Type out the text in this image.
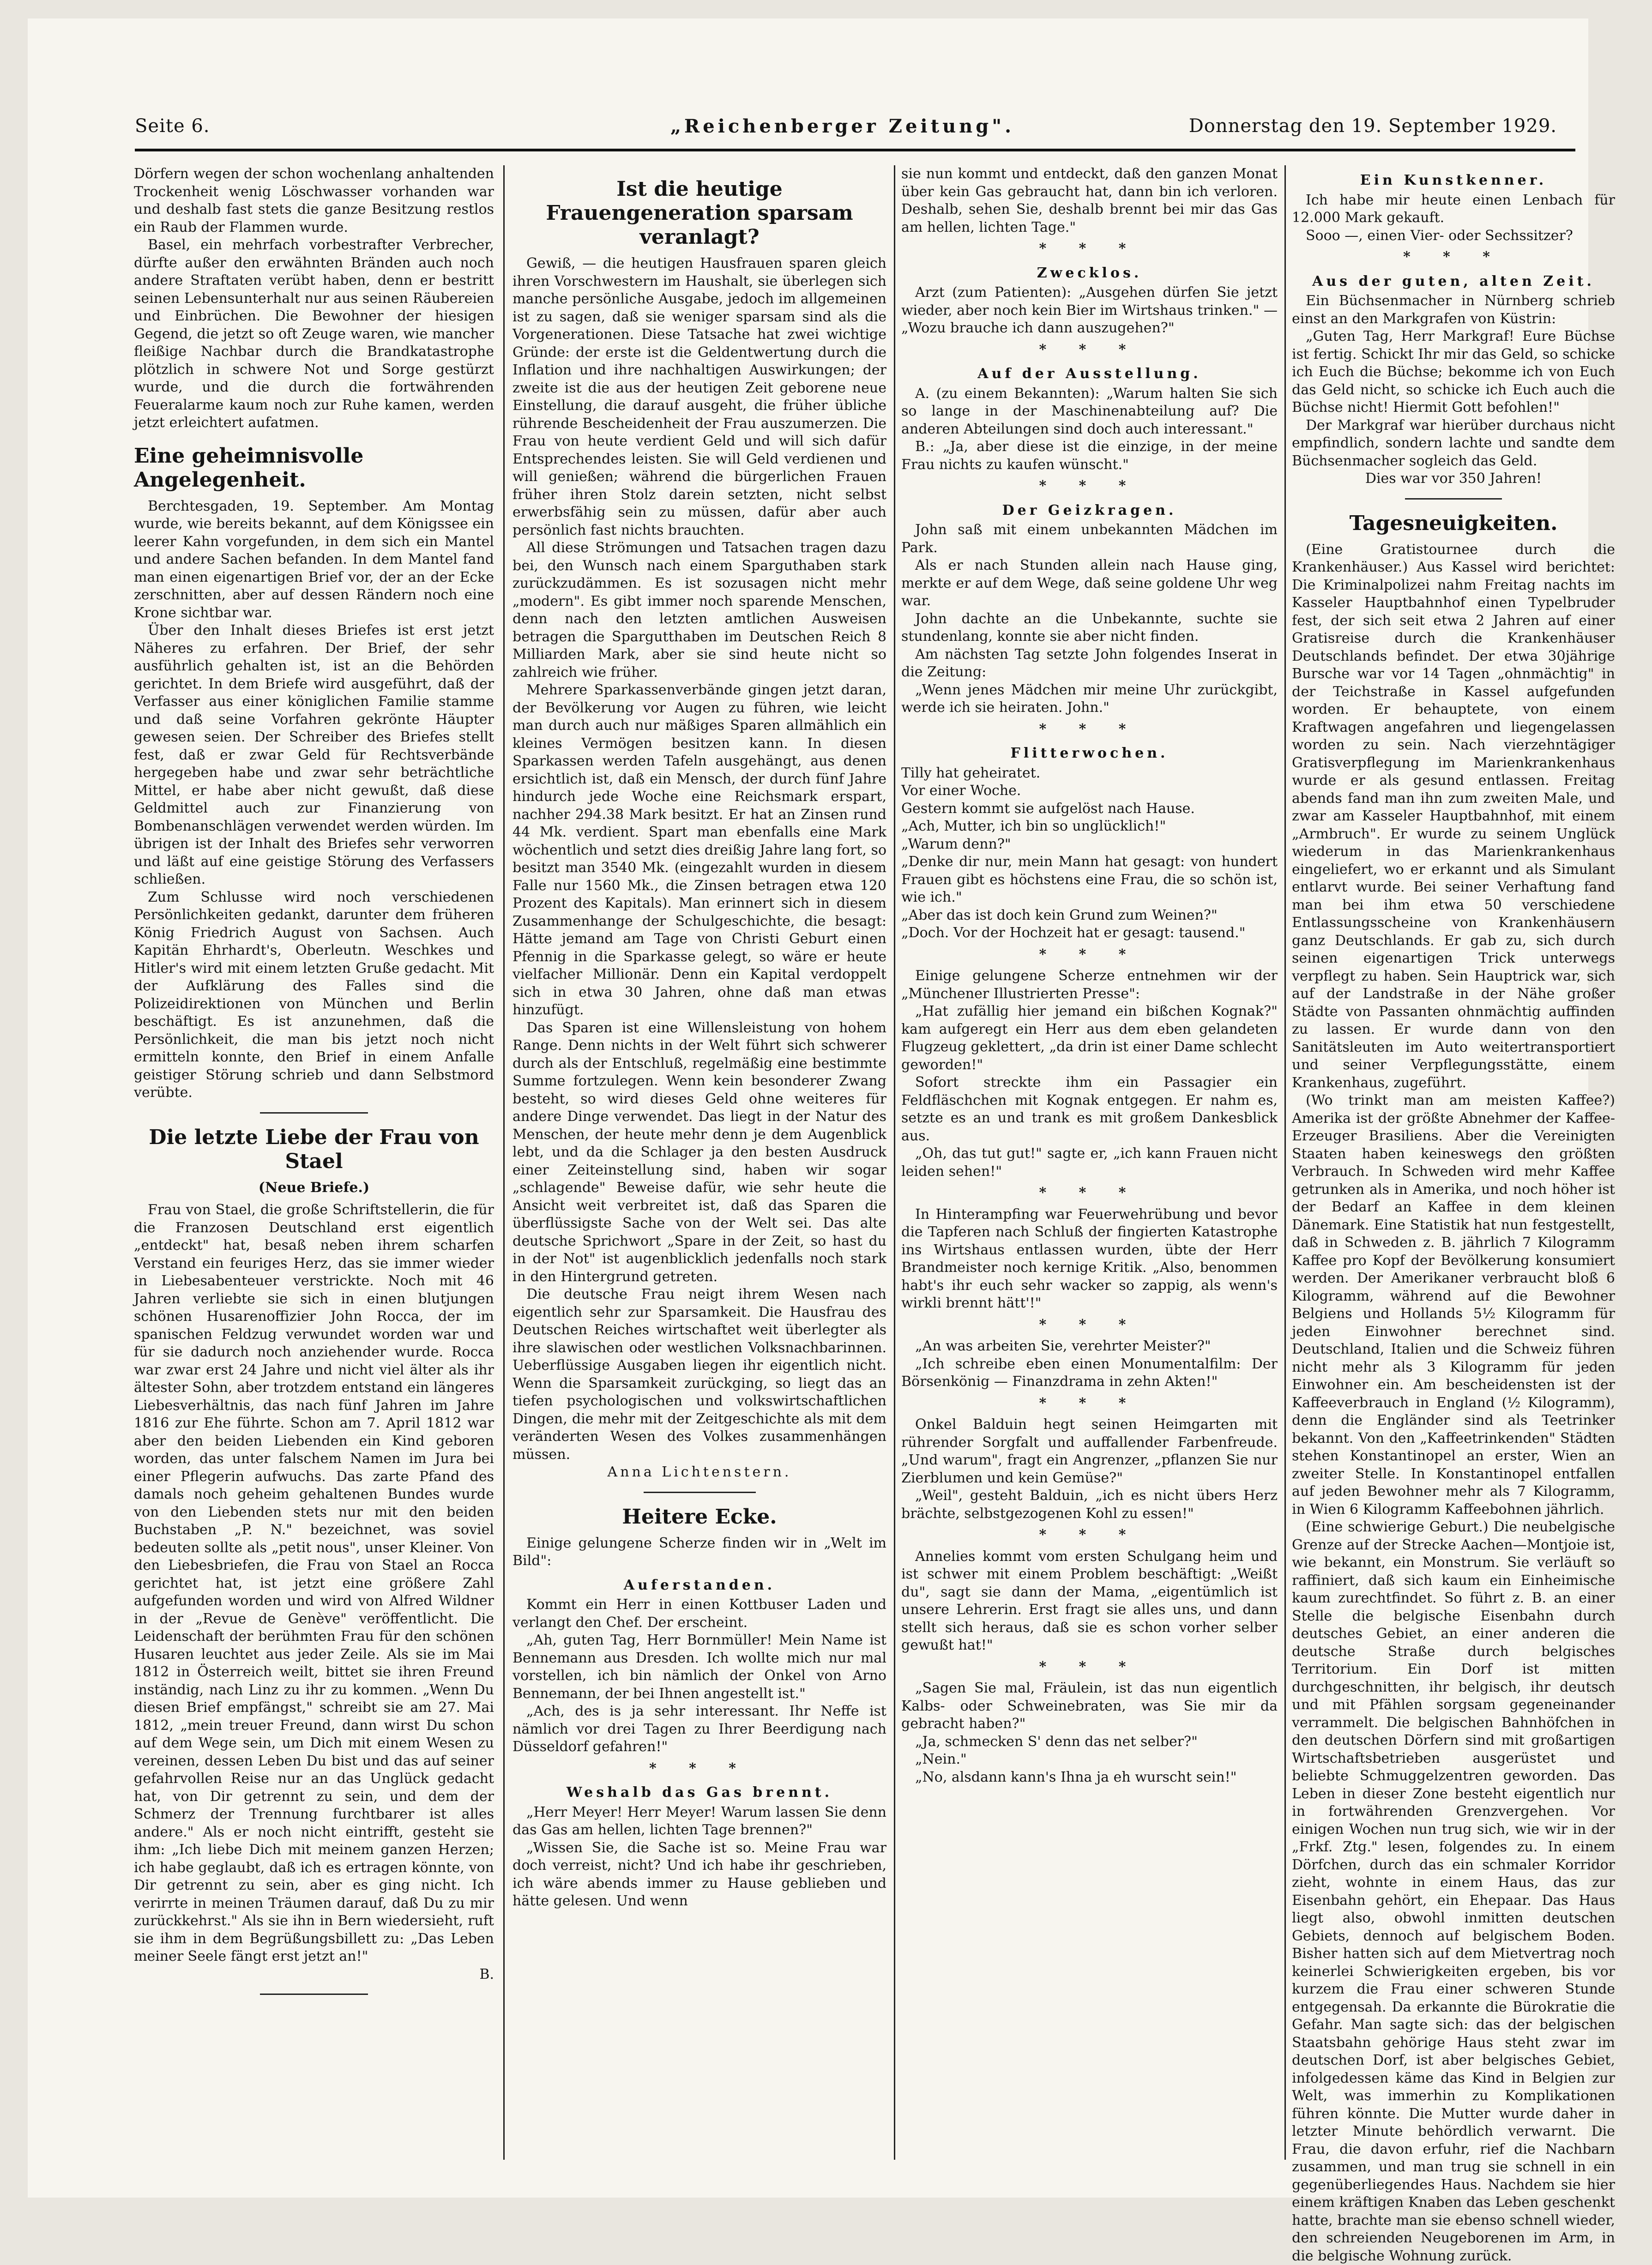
Seite 6.	„Reichenberger Zeitung".	Donnerstag den 19. September 1929.

Dörfern wegen der schon wochenlang anhaltenden Trockenheit wenig Löschwasser vorhanden war und deshalb fast stets die ganze Besitzung restlos ein Raub der Flammen wurde.

Basel, ein mehrfach vorbestrafter Verbrecher, dürfte außer den erwähnten Bränden auch noch andere Straftaten verübt haben, denn er bestritt seinen Lebensunterhalt nur aus seinen Räubereien und Einbrüchen. Die Bewohner der hiesigen Gegend, die jetzt so oft Zeuge waren, wie mancher fleißige Nachbar durch die Brandkatastrophe plötzlich in schwere Not und Sorge gestürzt wurde, und die durch die fortwährenden Feueralarme kaum noch zur Ruhe kamen, werden jetzt erleichtert aufatmen.

Eine geheimnisvolle Angelegenheit.

Berchtesgaden, 19. September. Am Montag wurde, wie bereits bekannt, auf dem Königssee ein leerer Kahn vorgefunden, in dem sich ein Mantel und andere Sachen befanden. In dem Mantel fand man einen eigenartigen Brief vor, der an der Ecke zerschnitten, aber auf dessen Rändern noch eine Krone sichtbar war.

Über den Inhalt dieses Briefes ist erst jetzt Näheres zu erfahren. Der Brief, der sehr ausführlich gehalten ist, ist an die Behörden gerichtet. In dem Briefe wird ausgeführt, daß der Verfasser aus einer königlichen Familie stamme und daß seine Vorfahren gekrönte Häupter gewesen seien. Der Schreiber des Briefes stellt fest, daß er zwar Geld für Rechtsverbände hergegeben habe und zwar sehr beträchtliche Mittel, er habe aber nicht gewußt, daß diese Geldmittel auch zur Finanzierung von Bombenanschlägen verwendet werden würden. Im übrigen ist der Inhalt des Briefes sehr verworren und läßt auf eine geistige Störung des Verfassers schließen.

Zum Schlusse wird noch verschiedenen Persönlichkeiten gedankt, darunter dem früheren König Friedrich August von Sachsen. Auch Kapitän Ehrhardt's, Oberleutn. Weschkes und Hitler's wird mit einem letzten Gruße gedacht. Mit der Aufklärung des Falles sind die Polizeidirektionen von München und Berlin beschäftigt. Es ist anzunehmen, daß die Persönlichkeit, die man bis jetzt noch nicht ermitteln konnte, den Brief in einem Anfalle geistiger Störung schrieb und dann Selbstmord verübte.

Die letzte Liebe der Frau von Stael
(Neue Briefe.)

Frau von Stael, die große Schriftstellerin, die für die Franzosen Deutschland erst eigentlich „entdeckt" hat, besaß neben ihrem scharfen Verstand ein feuriges Herz, das sie immer wieder in Liebesabenteuer verstrickte. Noch mit 46 Jahren verliebte sie sich in einen blutjungen schönen Husarenoffizier John Rocca, der im spanischen Feldzug verwundet worden war und für sie dadurch noch anziehender wurde. Rocca war zwar erst 24 Jahre und nicht viel älter als ihr ältester Sohn, aber trotzdem entstand ein längeres Liebesverhältnis, das nach fünf Jahren im Jahre 1816 zur Ehe führte. Schon am 7. April 1812 war aber den beiden Liebenden ein Kind geboren worden, das unter falschem Namen im Jura bei einer Pflegerin aufwuchs. Das zarte Pfand des damals noch geheim gehaltenen Bundes wurde von den Liebenden stets nur mit den beiden Buchstaben „P. N." bezeichnet, was soviel bedeuten sollte als „petit nous", unser Kleiner. Von den Liebesbriefen, die Frau von Stael an Rocca gerichtet hat, ist jetzt eine größere Zahl aufgefunden worden und wird von Alfred Wildner in der „Revue de Genève" veröffentlicht. Die Leidenschaft der berühmten Frau für den schönen Husaren leuchtet aus jeder Zeile. Als sie im Mai 1812 in Österreich weilt, bittet sie ihren Freund inständig, nach Linz zu ihr zu kommen. „Wenn Du diesen Brief empfängst," schreibt sie am 27. Mai 1812, „mein treuer Freund, dann wirst Du schon auf dem Wege sein, um Dich mit einem Wesen zu vereinen, dessen Leben Du bist und das auf seiner gefahrvollen Reise nur an das Unglück gedacht hat, von Dir getrennt zu sein, und dem der Schmerz der Trennung furchtbarer ist alles andere." Als er noch nicht eintrifft, gesteht sie ihm: „Ich liebe Dich mit meinem ganzen Herzen; ich habe geglaubt, daß ich es ertragen könnte, von Dir getrennt zu sein, aber es ging nicht. Ich verirrte in meinen Träumen darauf, daß Du zu mir zurückkehrst." Als sie ihn in Bern wiedersieht, ruft sie ihm in dem Begrüßungsbillett zu: „Das Leben meiner Seele fängt erst jetzt an!"

B.

Ist die heutige Frauengeneration sparsam veranlagt?

Gewiß, — die heutigen Hausfrauen sparen gleich ihren Vorschwestern im Haushalt, sie überlegen sich manche persönliche Ausgabe, jedoch im allgemeinen ist zu sagen, daß sie weniger sparsam sind als die Vorgenerationen. Diese Tatsache hat zwei wichtige Gründe: der erste ist die Geldentwertung durch die Inflation und ihre nachhaltigen Auswirkungen; der zweite ist die aus der heutigen Zeit geborene neue Einstellung, die darauf ausgeht, die früher übliche rührende Bescheidenheit der Frau auszumerzen. Die Frau von heute verdient Geld und will sich dafür Entsprechendes leisten. Sie will Geld verdienen und will genießen; während die bürgerlichen Frauen früher ihren Stolz darein setzten, nicht selbst erwerbsfähig sein zu müssen, dafür aber auch persönlich fast nichts brauchten.

All diese Strömungen und Tatsachen tragen dazu bei, den Wunsch nach einem Sparguthaben stark zurückzudämmen. Es ist sozusagen nicht mehr „modern". Es gibt immer noch sparende Menschen, denn nach den letzten amtlichen Ausweisen betragen die Spargutthaben im Deutschen Reich 8 Milliarden Mark, aber sie sind heute nicht so zahlreich wie früher.

Mehrere Sparkassenverbände gingen jetzt daran, der Bevölkerung vor Augen zu führen, wie leicht man durch auch nur mäßiges Sparen allmählich ein kleines Vermögen besitzen kann. In diesen Sparkassen werden Tafeln ausgehängt, aus denen ersichtlich ist, daß ein Mensch, der durch fünf Jahre hindurch jede Woche eine Reichsmark erspart, nachher 294.38 Mark besitzt. Er hat an Zinsen rund 44 Mk. verdient. Spart man ebenfalls eine Mark wöchentlich und setzt dies dreißig Jahre lang fort, so besitzt man 3540 Mk. (eingezahlt wurden in diesem Falle nur 1560 Mk., die Zinsen betragen etwa 120 Prozent des Kapitals). Man erinnert sich in diesem Zusammenhange der Schulgeschichte, die besagt: Hätte jemand am Tage von Christi Geburt einen Pfennig in die Sparkasse gelegt, so wäre er heute vielfacher Millionär. Denn ein Kapital verdoppelt sich in etwa 30 Jahren, ohne daß man etwas hinzufügt.

Das Sparen ist eine Willensleistung von hohem Range. Denn nichts in der Welt führt sich schwerer durch als der Entschluß, regelmäßig eine bestimmte Summe fortzulegen. Wenn kein besonderer Zwang besteht, so wird dieses Geld ohne weiteres für andere Dinge verwendet. Das liegt in der Natur des Menschen, der heute mehr denn je dem Augenblick lebt, und da die Schlager ja den besten Ausdruck einer Zeiteinstellung sind, haben wir sogar „schlagende" Beweise dafür, wie sehr heute die Ansicht weit verbreitet ist, daß das Sparen die überflüssigste Sache von der Welt sei. Das alte deutsche Sprichwort „Spare in der Zeit, so hast du in der Not" ist augenblicklich jedenfalls noch stark in den Hintergrund getreten.

Die deutsche Frau neigt ihrem Wesen nach eigentlich sehr zur Sparsamkeit. Die Hausfrau des Deutschen Reiches wirtschaftet weit überlegter als ihre slawischen oder westlichen Volksnachbarinnen. Ueberflüssige Ausgaben liegen ihr eigentlich nicht. Wenn die Sparsamkeit zurückging, so liegt das an tiefen psychologischen und volkswirtschaftlichen Dingen, die mehr mit der Zeitgeschichte als mit dem veränderten Wesen des Volkes zusammenhängen müssen.

Anna Lichtenstern.

Heitere Ecke.

Einige gelungene Scherze finden wir in „Welt im Bild":

Auferstanden.

Kommt ein Herr in einen Kottbuser Laden und verlangt den Chef. Der erscheint.

„Ah, guten Tag, Herr Bornmüller! Mein Name ist Bennemann aus Dresden. Ich wollte mich nur mal vorstellen, ich bin nämlich der Onkel von Arno Bennemann, der bei Ihnen angestellt ist."

„Ach, des is ja sehr interessant. Ihr Neffe ist nämlich vor drei Tagen zu Ihrer Beerdigung nach Düsseldorf gefahren!"

* * *
Weshalb das Gas brennt.

„Herr Meyer! Herr Meyer! Warum lassen Sie denn das Gas am hellen, lichten Tage brennen?"

„Wissen Sie, die Sache ist so. Meine Frau war doch verreist, nicht? Und ich habe ihr geschrieben, ich wäre abends immer zu Hause geblieben und hätte gelesen. Und wenn

sie nun kommt und entdeckt, daß den ganzen Monat über kein Gas gebraucht hat, dann bin ich verloren. Deshalb, sehen Sie, deshalb brennt bei mir das Gas am hellen, lichten Tage."

* * *
Zwecklos.

Arzt (zum Patienten): „Ausgehen dürfen Sie jetzt wieder, aber noch kein Bier im Wirtshaus trinken." — „Wozu brauche ich dann auszugehen?"

* * *
Auf der Ausstellung.

A. (zu einem Bekannten): „Warum halten Sie sich so lange in der Maschinenabteilung auf? Die anderen Abteilungen sind doch auch interessant."

B.: „Ja, aber diese ist die einzige, in der meine Frau nichts zu kaufen wünscht."

* * *
Der Geizkragen.

John saß mit einem unbekannten Mädchen im Park.

Als er nach Stunden allein nach Hause ging, merkte er auf dem Wege, daß seine goldene Uhr weg war.

John dachte an die Unbekannte, suchte sie stundenlang, konnte sie aber nicht finden.

Am nächsten Tag setzte John folgendes Inserat in die Zeitung:

„Wenn jenes Mädchen mir meine Uhr zurückgibt, werde ich sie heiraten. John."

* * *
Flitterwochen.

Tilly hat geheiratet.

Vor einer Woche.

Gestern kommt sie aufgelöst nach Hause.

„Ach, Mutter, ich bin so unglücklich!"

„Warum denn?"

„Denke dir nur, mein Mann hat gesagt: von hundert Frauen gibt es höchstens eine Frau, die so schön ist, wie ich."

„Aber das ist doch kein Grund zum Weinen?"

„Doch. Vor der Hochzeit hat er gesagt: tausend."

* * *

Einige gelungene Scherze entnehmen wir der „Münchener Illustrierten Presse":

„Hat zufällig hier jemand ein bißchen Kognak?" kam aufgeregt ein Herr aus dem eben gelandeten Flugzeug geklettert, „da drin ist einer Dame schlecht geworden!"

Sofort streckte ihm ein Passagier ein Feldfläschchen mit Kognak entgegen. Er nahm es, setzte es an und trank es mit großem Dankesblick aus.

„Oh, das tut gut!" sagte er, „ich kann Frauen nicht leiden sehen!"

* * *

In Hinterampfing war Feuerwehrübung und bevor die Tapferen nach Schluß der fingierten Katastrophe ins Wirtshaus entlassen wurden, übte der Herr Brandmeister noch kernige Kritik. „Also, benommen habt's ihr euch sehr wacker so zappig, als wenn's wirkli brennt hätt'!"

* * *

„An was arbeiten Sie, verehrter Meister?"

„Ich schreibe eben einen Monumentalfilm: Der Börsenkönig — Finanzdrama in zehn Akten!"

* * *

Onkel Balduin hegt seinen Heimgarten mit rührender Sorgfalt und auffallender Farbenfreude. „Und warum", fragt ein Angrenzer, „pflanzen Sie nur Zierblumen und kein Gemüse?"

„Weil", gesteht Balduin, „ich es nicht übers Herz brächte, selbstgezogenen Kohl zu essen!"

* * *

Annelies kommt vom ersten Schulgang heim und ist schwer mit einem Problem beschäftigt: „Weißt du", sagt sie dann der Mama, „eigentümlich ist unsere Lehrerin. Erst fragt sie alles uns, und dann stellt sich heraus, daß sie es schon vorher selber gewußt hat!"

* * *

„Sagen Sie mal, Fräulein, ist das nun eigentlich Kalbs- oder Schweinebraten, was Sie mir da gebracht haben?"

„Ja, schmecken S' denn das net selber?"

„Nein."

„No, alsdann kann's Ihna ja eh wurscht sein!"

Ein Kunstkenner.

Ich habe mir heute einen Lenbach für 12.000 Mark gekauft.

Sooo —, einen Vier- oder Sechssitzer?

* * *
Aus der guten, alten Zeit.

Ein Büchsenmacher in Nürnberg schrieb einst an den Markgrafen von Küstrin:

„Guten Tag, Herr Markgraf! Eure Büchse ist fertig. Schickt Ihr mir das Geld, so schicke ich Euch die Büchse; bekomme ich von Euch das Geld nicht, so schicke ich Euch auch die Büchse nicht! Hiermit Gott befohlen!"

Der Markgraf war hierüber durchaus nicht empfindlich, sondern lachte und sandte dem Büchsenmacher sogleich das Geld.

Dies war vor 350 Jahren!

Tagesneuigkeiten.

(Eine Gratistournee durch die Krankenhäuser.) Aus Kassel wird berichtet: Die Kriminalpolizei nahm Freitag nachts im Kasseler Hauptbahnhof einen Typelbruder fest, der sich seit etwa 2 Jahren auf einer Gratisreise durch die Krankenhäuser Deutschlands befindet. Der etwa 30jährige Bursche war vor 14 Tagen „ohnmächtig" in der Teichstraße in Kassel aufgefunden worden. Er behauptete, von einem Kraftwagen angefahren und liegengelassen worden zu sein. Nach vierzehntägiger Gratisverpflegung im Marienkrankenhaus wurde er als gesund entlassen. Freitag abends fand man ihn zum zweiten Male, und zwar am Kasseler Hauptbahnhof, mit einem „Armbruch". Er wurde zu seinem Unglück wiederum in das Marienkrankenhaus eingeliefert, wo er erkannt und als Simulant entlarvt wurde. Bei seiner Verhaftung fand man bei ihm etwa 50 verschiedene Entlassungsscheine von Krankenhäusern ganz Deutschlands. Er gab zu, sich durch seinen eigenartigen Trick unterwegs verpflegt zu haben. Sein Hauptrick war, sich auf der Landstraße in der Nähe großer Städte von Passanten ohnmächtig auffinden zu lassen. Er wurde dann von den Sanitätsleuten im Auto weitertransportiert und seiner Verpflegungsstätte, einem Krankenhaus, zugeführt.

(Wo trinkt man am meisten Kaffee?) Amerika ist der größte Abnehmer der Kaffee-Erzeuger Brasiliens. Aber die Vereinigten Staaten haben keineswegs den größten Verbrauch. In Schweden wird mehr Kaffee getrunken als in Amerika, und noch höher ist der Bedarf an Kaffee in dem kleinen Dänemark. Eine Statistik hat nun festgestellt, daß in Schweden z. B. jährlich 7 Kilogramm Kaffee pro Kopf der Bevölkerung konsumiert werden. Der Amerikaner verbraucht bloß 6 Kilogramm, während auf die Bewohner Belgiens und Hollands 5½ Kilogramm für jeden Einwohner berechnet sind. Deutschland, Italien und die Schweiz führen nicht mehr als 3 Kilogramm für jeden Einwohner ein. Am bescheidensten ist der Kaffeeverbrauch in England (½ Kilogramm), denn die Engländer sind als Teetrinker bekannt. Von den „Kaffeetrinkenden" Städten stehen Konstantinopel an erster, Wien an zweiter Stelle. In Konstantinopel entfallen auf jeden Bewohner mehr als 7 Kilogramm, in Wien 6 Kilogramm Kaffeebohnen jährlich.

(Eine schwierige Geburt.) Die neubelgische Grenze auf der Strecke Aachen—Montjoie ist, wie bekannt, ein Monstrum. Sie verläuft so raffiniert, daß sich kaum ein Einheimische kaum zurechtfindet. So führt z. B. an einer Stelle die belgische Eisenbahn durch deutsches Gebiet, an einer anderen die deutsche Straße durch belgisches Territorium. Ein Dorf ist mitten durchgeschnitten, ihr belgisch, ihr deutsch und mit Pfählen sorgsam gegeneinander verrammelt. Die belgischen Bahnhöfchen in den deutschen Dörfern sind mit großartigen Wirtschaftsbetrieben ausgerüstet und beliebte Schmuggelzentren geworden. Das Leben in dieser Zone besteht eigentlich nur in fortwährenden Grenzvergehen. Vor einigen Wochen nun trug sich, wie wir in der „Frkf. Ztg." lesen, folgendes zu. In einem Dörfchen, durch das ein schmaler Korridor zieht, wohnte in einem Haus, das zur Eisenbahn gehört, ein Ehepaar. Das Haus liegt also, obwohl inmitten deutschen Gebiets, dennoch auf belgischem Boden. Bisher hatten sich auf dem Mietvertrag noch keinerlei Schwierigkeiten ergeben, bis vor kurzem die Frau einer schweren Stunde entgegensah. Da erkannte die Bürokratie die Gefahr. Man sagte sich: das der belgischen Staatsbahn gehörige Haus steht zwar im deutschen Dorf, ist aber belgisches Gebiet, infolgedessen käme das Kind in Belgien zur Welt, was immerhin zu Komplikationen führen könnte. Die Mutter wurde daher in letzter Minute behördlich verwarnt. Die Frau, die davon erfuhr, rief die Nachbarn zusammen, und man trug sie schnell in ein gegenüberliegendes Haus. Nachdem sie hier einem kräftigen Knaben das Leben geschenkt hatte, brachte man sie ebenso schnell wieder, den schreienden Neugeborenen im Arm, in die belgische Wohnung zurück.
